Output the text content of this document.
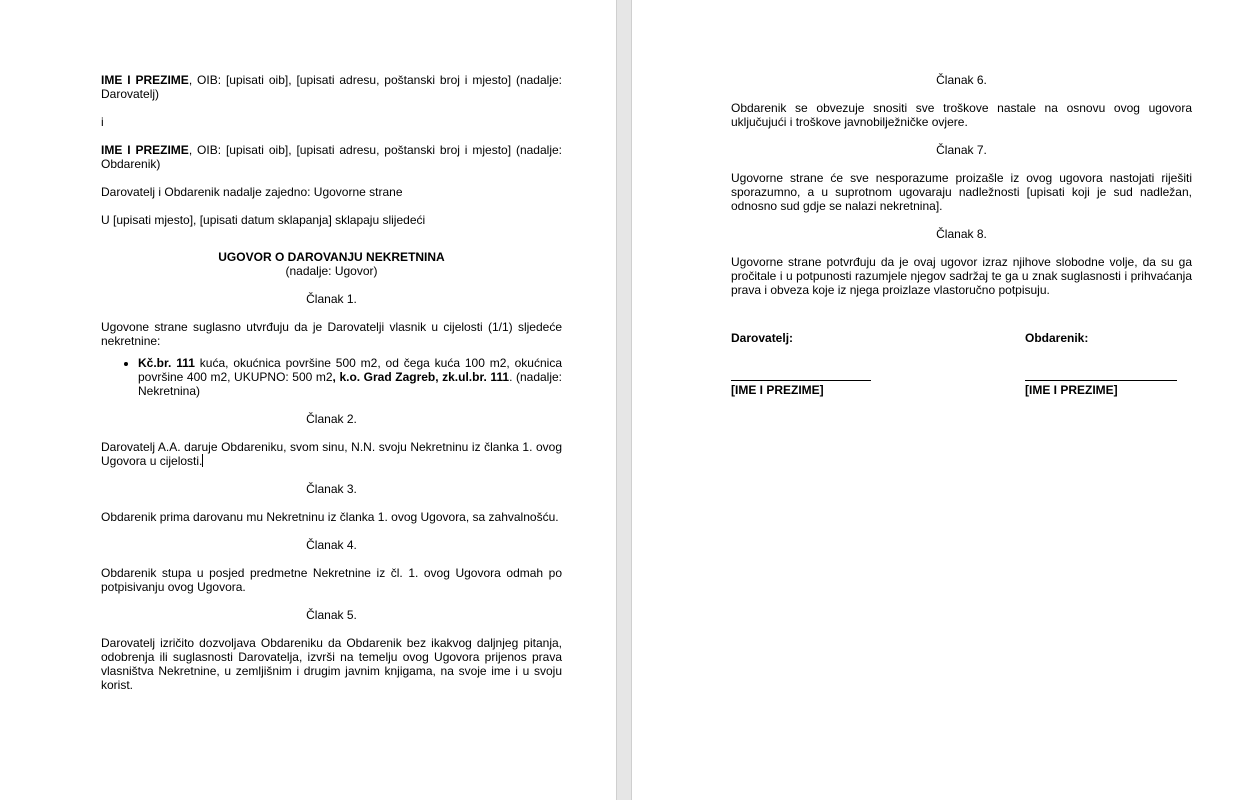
IME I PREZIME, OIB: [upisati oib], [upisati adresu, poštanski broj i mjesto] (nadalje: Darovatelj)

i

IME I PREZIME, OIB: [upisati oib], [upisati adresu, poštanski broj i mjesto] (nadalje: Obdarenik)

Darovatelj i Obdarenik nadalje zajedno: Ugovorne strane

U [upisati mjesto], [upisati datum sklapanja] sklapaju slijedeći

UGOVOR O DAROVANJU NEKRETNINA
(nadalje: Ugovor)

Članak 1.

Ugovone strane suglasno utvrđuju da je Darovatelji vlasnik u cijelosti (1/1) sljedeće nekretnine:

• Kč.br. 111 kuća, okućnica površine 500 m2, od čega kuća 100 m2, okućnica površine 400 m2, UKUPNO: 500 m2, k.o. Grad Zagreb, zk.ul.br. 111. (nadalje: Nekretnina)

Članak 2.

Darovatelj A.A. daruje Obdareniku, svom sinu, N.N. svoju Nekretninu iz članka 1. ovog Ugovora u cijelosti.

Članak 3.

Obdarenik prima darovanu mu Nekretninu iz članka 1. ovog Ugovora, sa zahvalnošću.

Članak 4.

Obdarenik stupa u posjed predmetne Nekretnine iz čl. 1. ovog Ugovora odmah po potpisivanju ovog Ugovora.

Članak 5.

Darovatelj izričito dozvoljava Obdareniku da Obdarenik bez ikakvog daljnjeg pitanja, odobrenja ili suglasnosti Darovatelja, izvrši na temelju ovog Ugovora prijenos prava vlasništva Nekretnine, u zemljišnim i drugim javnim knjigama, na svoje ime i u svoju korist.

Članak 6.

Obdarenik se obvezuje snositi sve troškove nastale na osnovu ovog ugovora uključujući i troškove javnobilježničke ovjere.

Članak 7.

Ugovorne strane će sve nesporazume proizašle iz ovog ugovora nastojati riješiti sporazumno, a u suprotnom ugovaraju nadležnosti [upisati koji je sud nadležan, odnosno sud gdje se nalazi nekretnina].

Članak 8.

Ugovorne strane potvrđuju da je ovaj ugovor izraz njihove slobodne volje, da su ga pročitale i u potpunosti razumjele njegov sadržaj te ga u znak suglasnosti i prihvaćanja prava i obveza koje iz njega proizlaze vlastoručno potpisuju.

Darovatelj:
[IME I PREZIME]
Obdarenik:
[IME I PREZIME]
